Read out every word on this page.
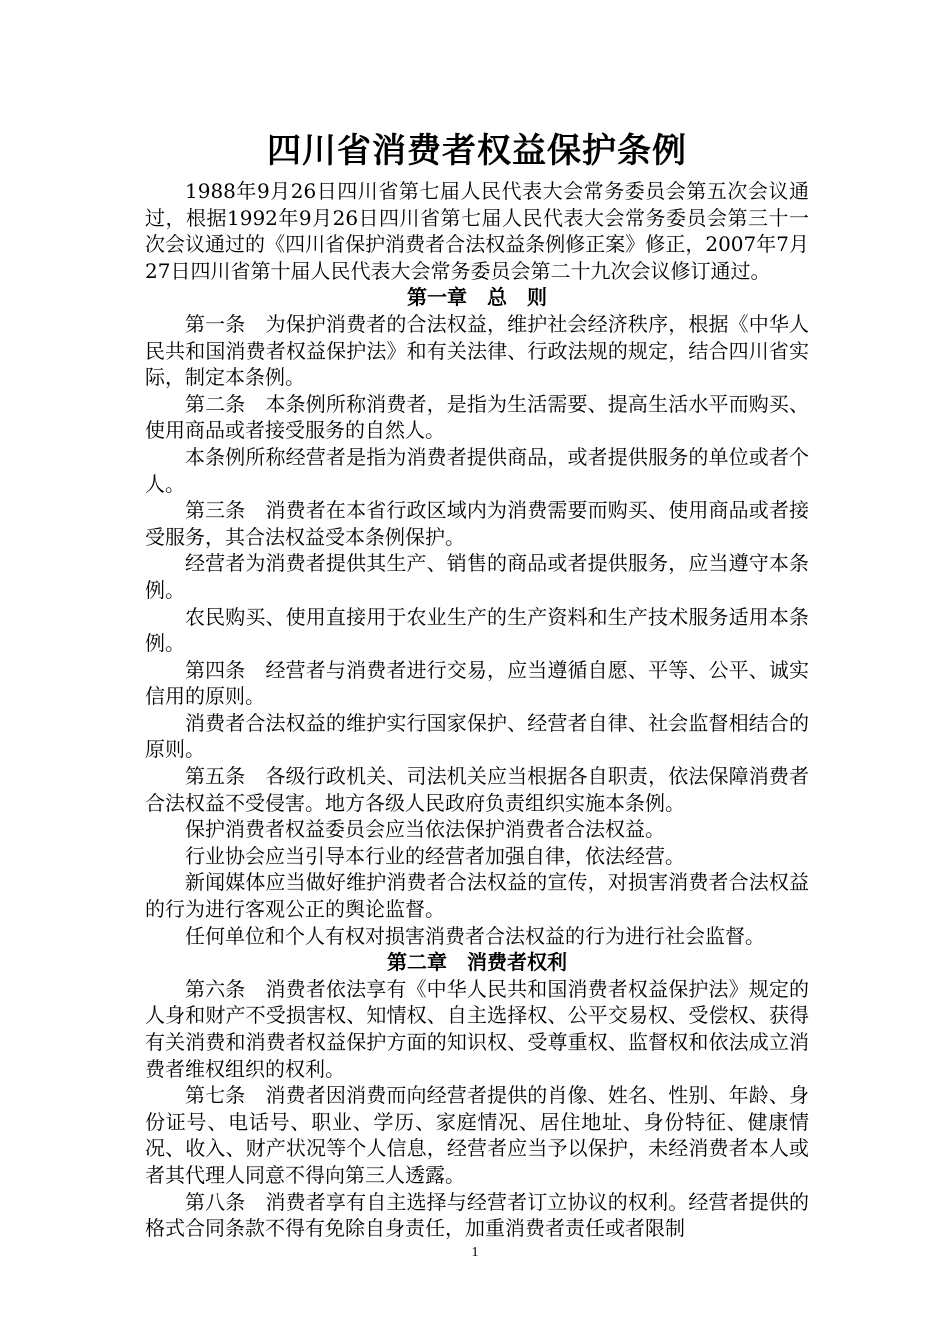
四川省消费者权益保护条例

1988年9月26日四川省第七届人民代表大会常务委员会第五次会议通过，根据1992年9月26日四川省第七届人民代表大会常务委员会第三十一次会议通过的《四川省保护消费者合法权益条例修正案》修正，2007年7月27日四川省第十届人民代表大会常务委员会第二十九次会议修订通过。

第一章　总　则

第一条　为保护消费者的合法权益，维护社会经济秩序，根据《中华人民共和国消费者权益保护法》和有关法律、行政法规的规定，结合四川省实际，制定本条例。

第二条　本条例所称消费者，是指为生活需要、提高生活水平而购买、使用商品或者接受服务的自然人。

本条例所称经营者是指为消费者提供商品，或者提供服务的单位或者个人。

第三条　消费者在本省行政区域内为消费需要而购买、使用商品或者接受服务，其合法权益受本条例保护。

经营者为消费者提供其生产、销售的商品或者提供服务，应当遵守本条例。

农民购买、使用直接用于农业生产的生产资料和生产技术服务适用本条例。

第四条　经营者与消费者进行交易，应当遵循自愿、平等、公平、诚实信用的原则。

消费者合法权益的维护实行国家保护、经营者自律、社会监督相结合的原则。

第五条　各级行政机关、司法机关应当根据各自职责，依法保障消费者合法权益不受侵害。地方各级人民政府负责组织实施本条例。

保护消费者权益委员会应当依法保护消费者合法权益。

行业协会应当引导本行业的经营者加强自律，依法经营。

新闻媒体应当做好维护消费者合法权益的宣传，对损害消费者合法权益的行为进行客观公正的舆论监督。

任何单位和个人有权对损害消费者合法权益的行为进行社会监督。

第二章　消费者权利

第六条　消费者依法享有《中华人民共和国消费者权益保护法》规定的人身和财产不受损害权、知情权、自主选择权、公平交易权、受偿权、获得有关消费和消费者权益保护方面的知识权、受尊重权、监督权和依法成立消费者维权组织的权利。

第七条　消费者因消费而向经营者提供的肖像、姓名、性别、年龄、身份证号、电话号、职业、学历、家庭情况、居住地址、身份特征、健康情况、收入、财产状况等个人信息，经营者应当予以保护，未经消费者本人或者其代理人同意不得向第三人透露。

第八条　消费者享有自主选择与经营者订立协议的权利。经营者提供的格式合同条款不得有免除自身责任，加重消费者责任或者限制

1
